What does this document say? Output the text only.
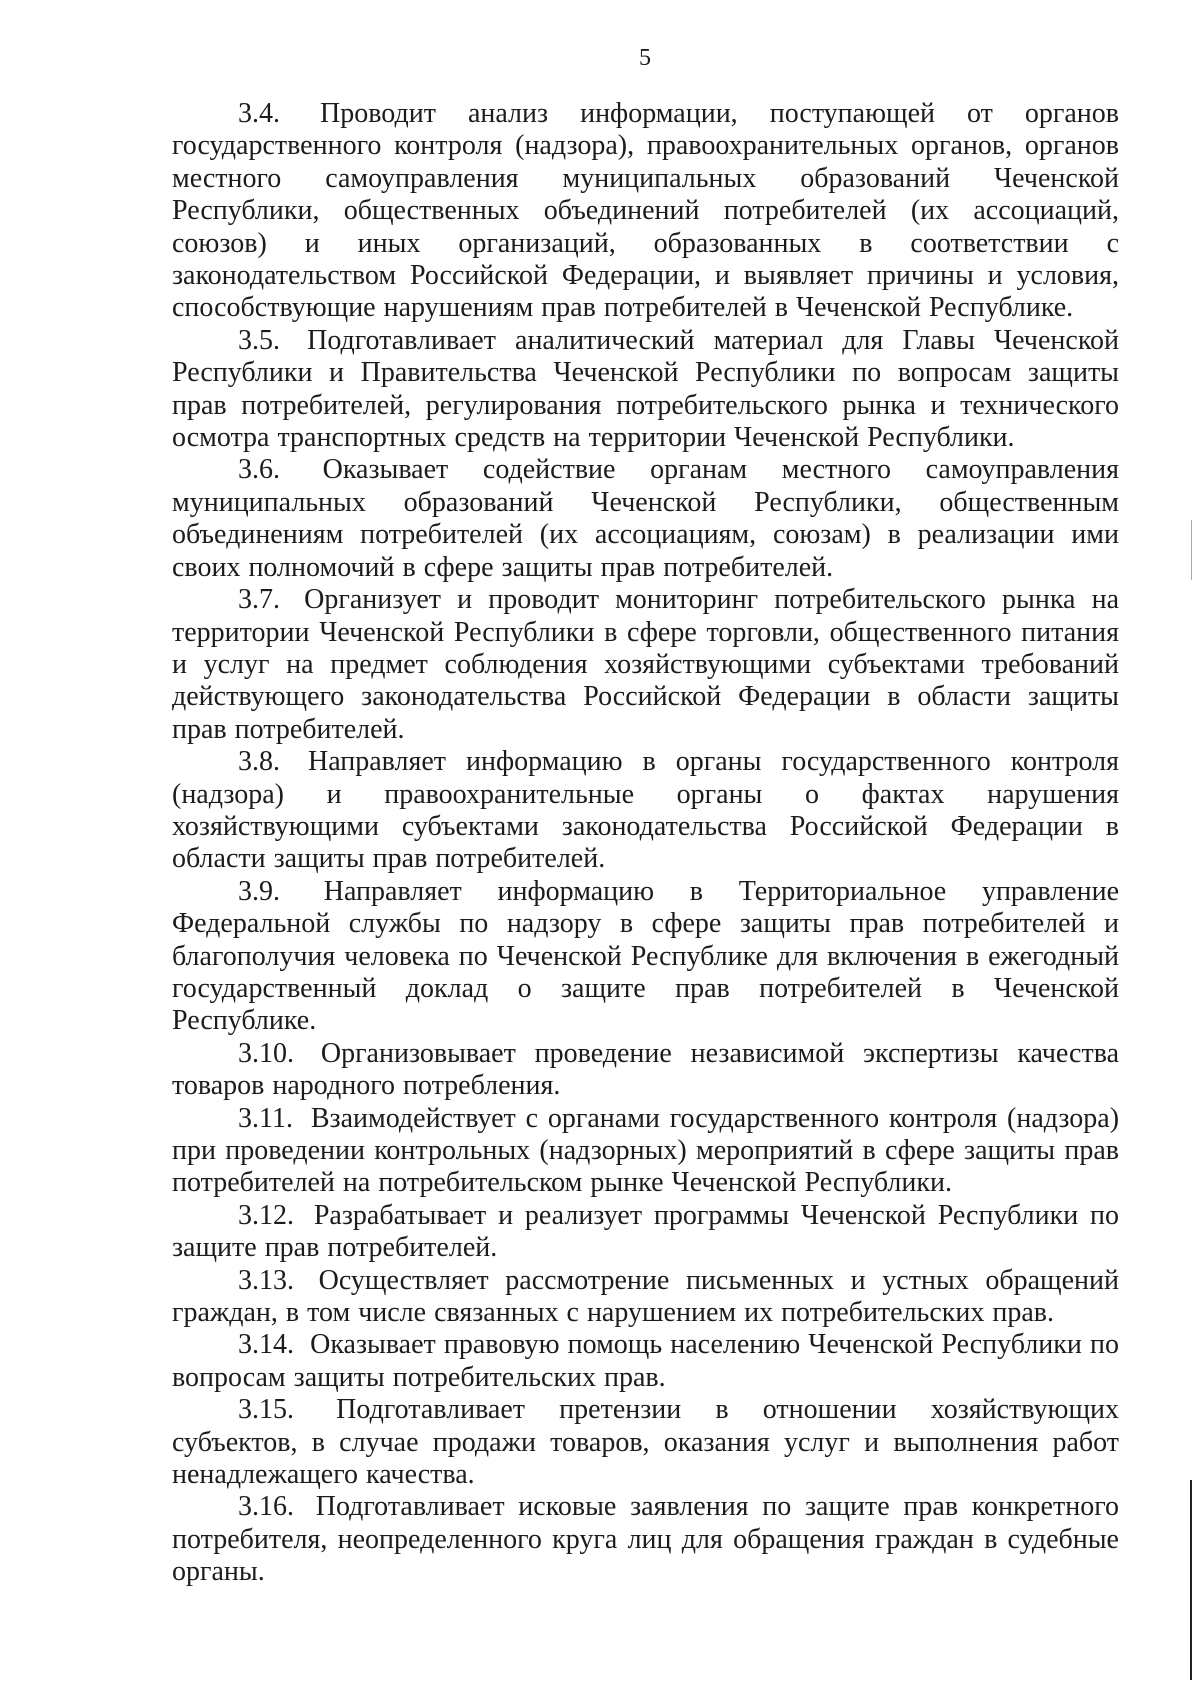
5

3.4. Проводит анализ информации, поступающей от органов государственного контроля (надзора), правоохранительных органов, органов местного самоуправления муниципальных образований Чеченской Республики, общественных объединений потребителей (их ассоциаций, союзов) и иных организаций, образованных в соответствии с законодательством Российской Федерации, и выявляет причины и условия, способствующие нарушениям прав потребителей в Чеченской Республике.

3.5. Подготавливает аналитический материал для Главы Чеченской Республики и Правительства Чеченской Республики по вопросам защиты прав потребителей, регулирования потребительского рынка и технического осмотра транспортных средств на территории Чеченской Республики.

3.6. Оказывает содействие органам местного самоуправления муниципальных образований Чеченской Республики, общественным объединениям потребителей (их ассоциациям, союзам) в реализации ими своих полномочий в сфере защиты прав потребителей.

3.7. Организует и проводит мониторинг потребительского рынка на территории Чеченской Республики в сфере торговли, общественного питания и услуг на предмет соблюдения хозяйствующими субъектами требований действующего законодательства Российской Федерации в области защиты прав потребителей.

3.8. Направляет информацию в органы государственного контроля (надзора) и правоохранительные органы о фактах нарушения хозяйствующими субъектами законодательства Российской Федерации в области защиты прав потребителей.

3.9. Направляет информацию в Территориальное управление Федеральной службы по надзору в сфере защиты прав потребителей и благополучия человека по Чеченской Республике для включения в ежегодный государственный доклад о защите прав потребителей в Чеченской Республике.

3.10. Организовывает проведение независимой экспертизы качества товаров народного потребления.

3.11. Взаимодействует с органами государственного контроля (надзора) при проведении контрольных (надзорных) мероприятий в сфере защиты прав потребителей на потребительском рынке Чеченской Республики.

3.12. Разрабатывает и реализует программы Чеченской Республики по защите прав потребителей.

3.13. Осуществляет рассмотрение письменных и устных обращений граждан, в том числе связанных с нарушением их потребительских прав.

3.14. Оказывает правовую помощь населению Чеченской Республики по вопросам защиты потребительских прав.

3.15. Подготавливает претензии в отношении хозяйствующих субъектов, в случае продажи товаров, оказания услуг и выполнения работ ненадлежащего качества.

3.16. Подготавливает исковые заявления по защите прав конкретного потребителя, неопределенного круга лиц для обращения граждан в судебные органы.
